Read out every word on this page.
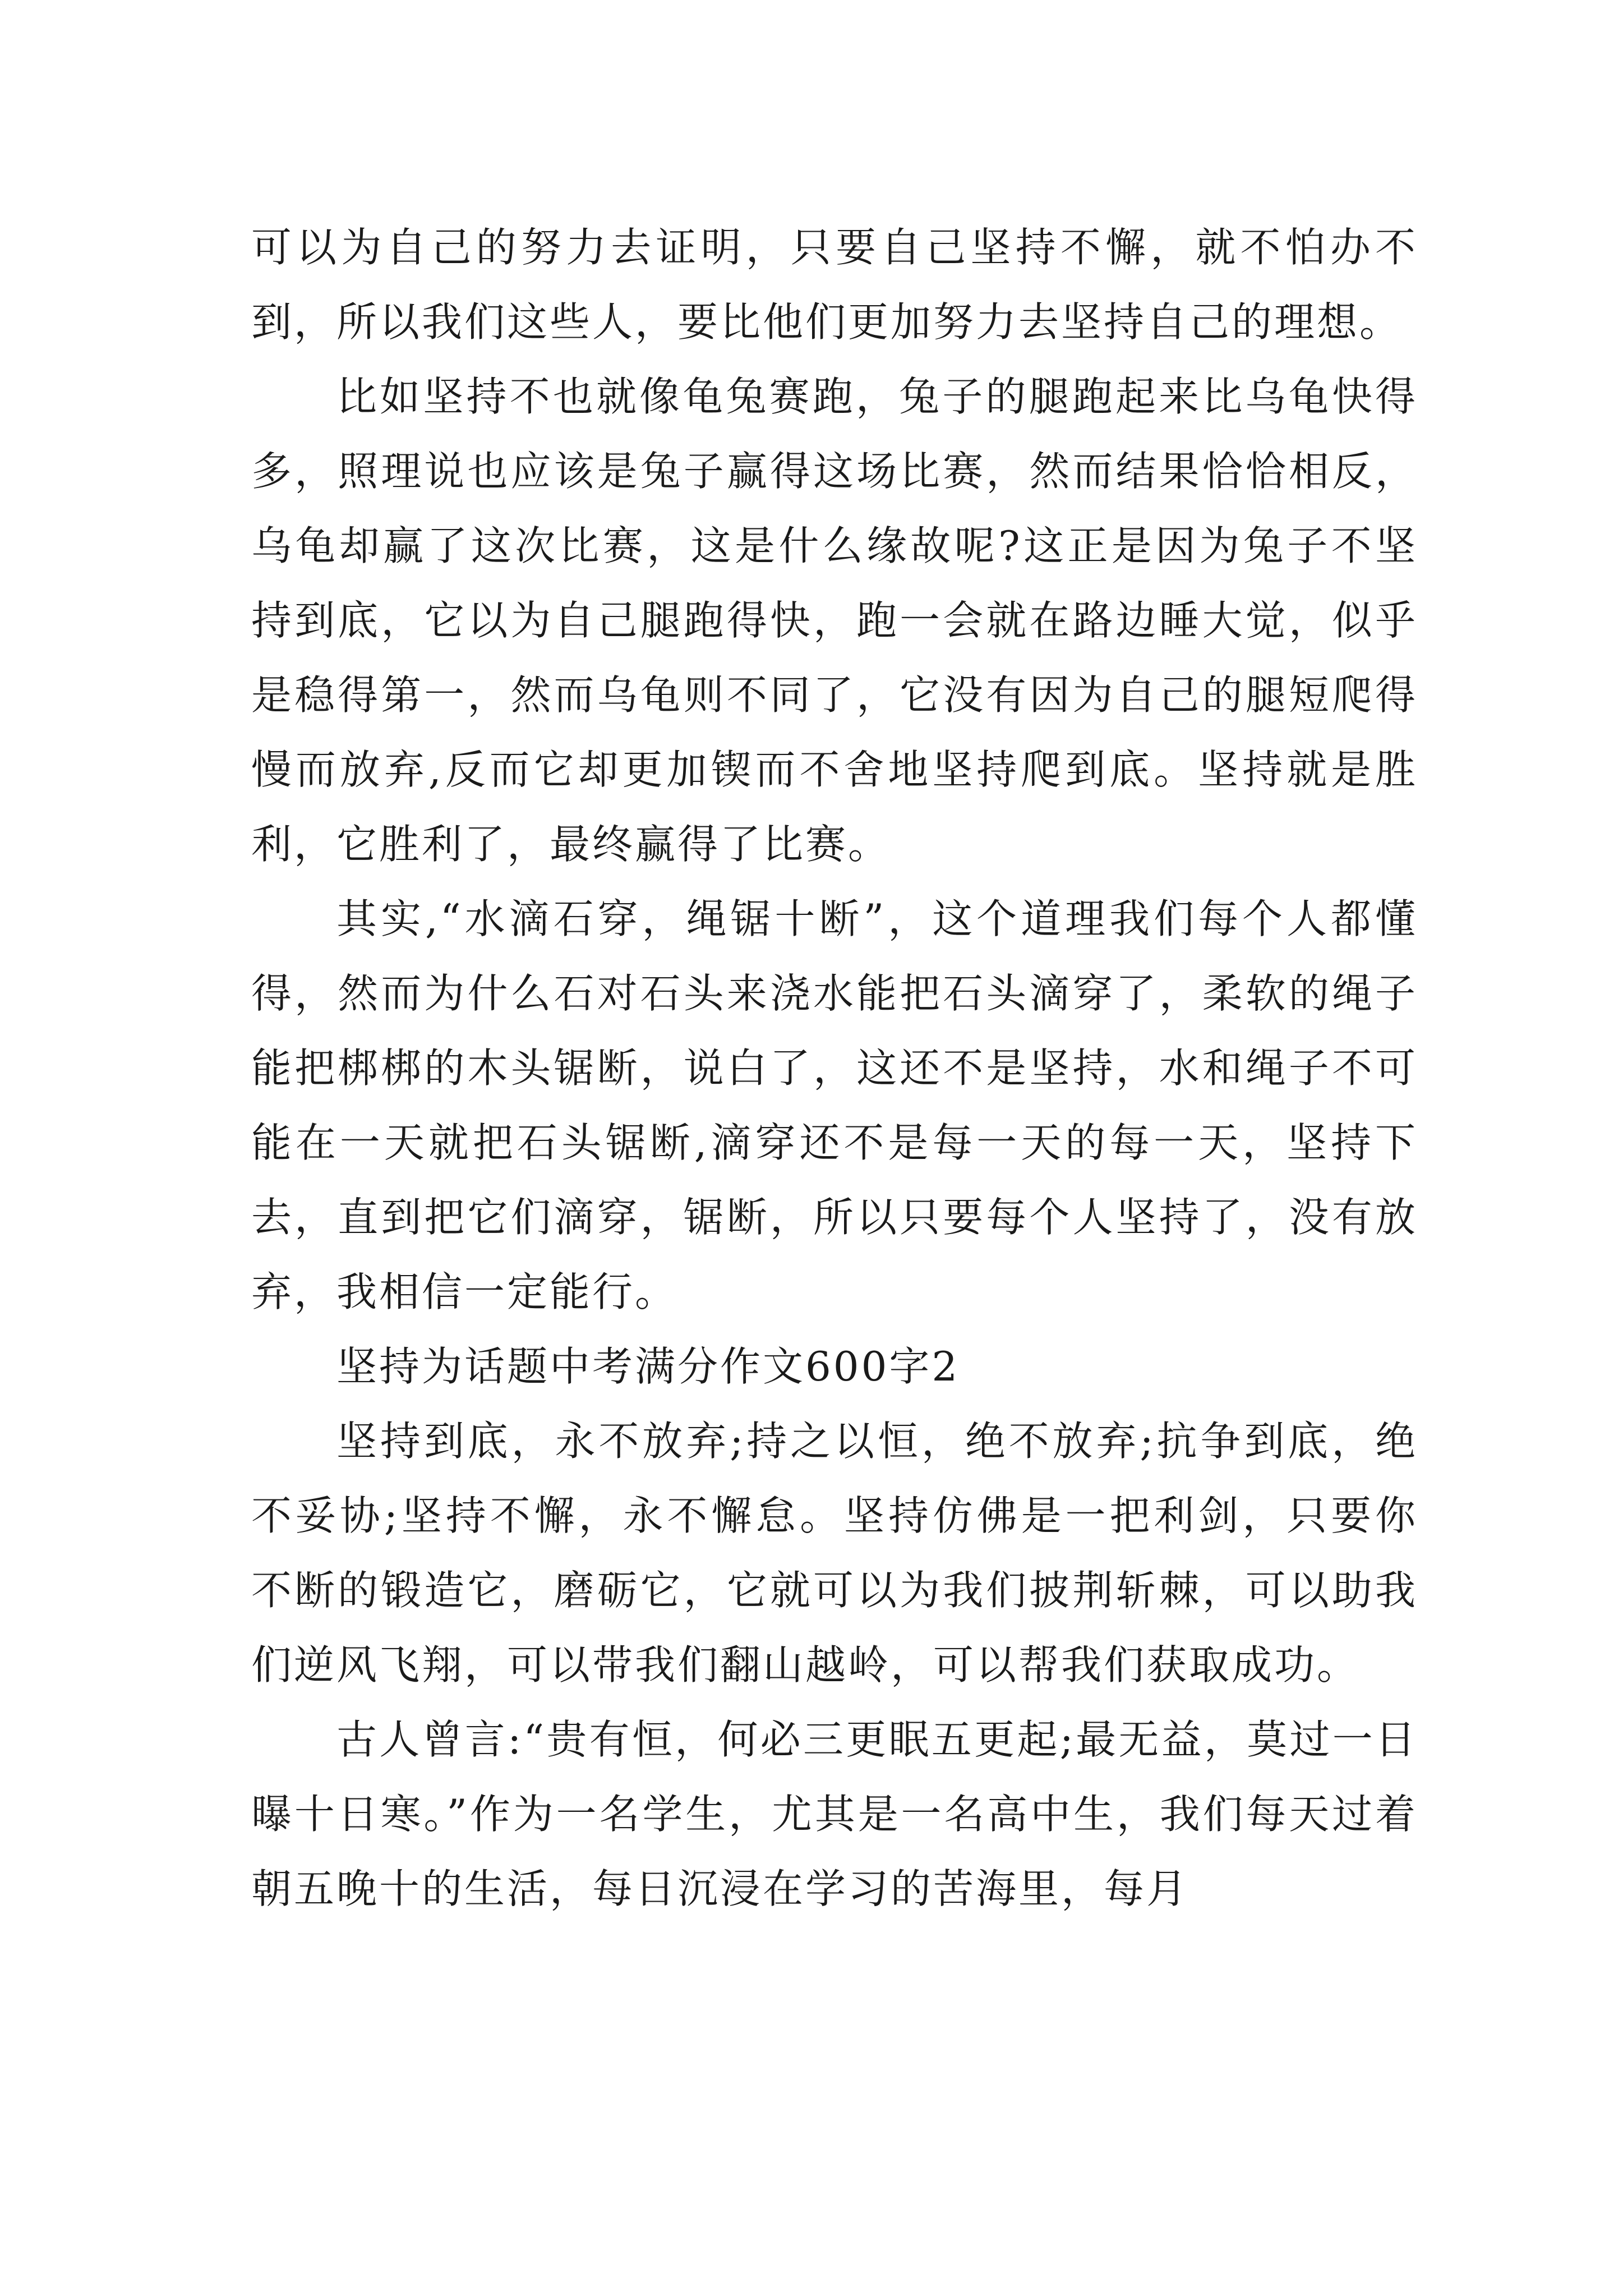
可以为自己的努力去证明，只要自己坚持不懈，就不怕办不到，所以我们这些人，要比他们更加努力去坚持自己的理想。

比如坚持不也就像龟兔赛跑，兔子的腿跑起来比乌龟快得多，照理说也应该是兔子赢得这场比赛，然而结果恰恰相反，乌龟却赢了这次比赛，这是什么缘故呢?这正是因为兔子不坚持到底，它以为自己腿跑得快，跑一会就在路边睡大觉，似乎是稳得第一，然而乌龟则不同了，它没有因为自己的腿短爬得慢而放弃,反而它却更加锲而不舍地坚持爬到底。坚持就是胜利，它胜利了，最终赢得了比赛。

其实,“水滴石穿，绳锯十断”，这个道理我们每个人都懂得，然而为什么石对石头来浇水能把石头滴穿了，柔软的绳子能把梆梆的木头锯断，说白了，这还不是坚持，水和绳子不可能在一天就把石头锯断,滴穿还不是每一天的每一天，坚持下去，直到把它们滴穿，锯断，所以只要每个人坚持了，没有放弃，我相信一定能行。

坚持为话题中考满分作文600字2

坚持到底，永不放弃;持之以恒，绝不放弃;抗争到底，绝不妥协;坚持不懈，永不懈怠。坚持仿佛是一把利剑，只要你不断的锻造它，磨砺它，它就可以为我们披荆斩棘，可以助我们逆风飞翔，可以带我们翻山越岭，可以帮我们获取成功。

古人曾言:“贵有恒，何必三更眠五更起;最无益，莫过一日曝十日寒。”作为一名学生，尤其是一名高中生，我们每天过着朝五晚十的生活，每日沉浸在学习的苦海里，每月
